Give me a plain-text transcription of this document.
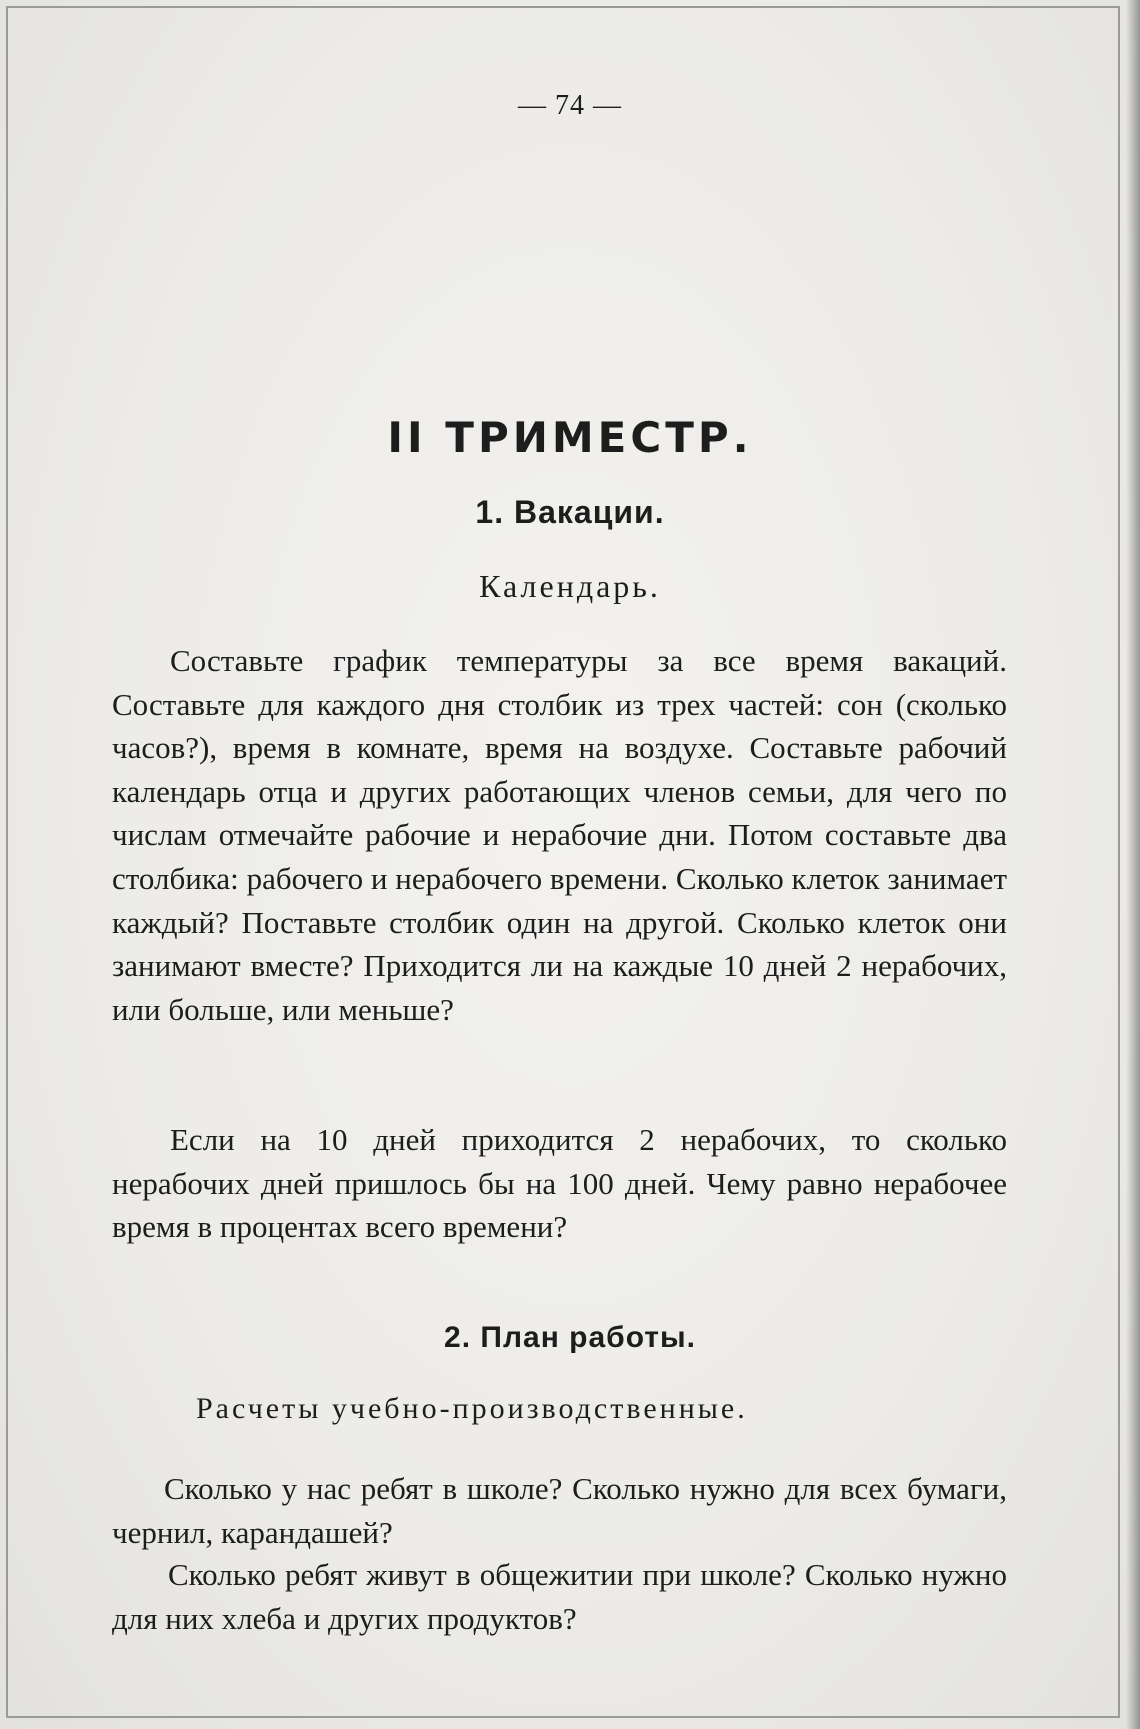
— 74 —
II ТРИМЕСТР.
1. Вакации.
Календарь.
Составьте график температуры за все время вакаций. Составьте для каждого дня столбик из трех частей: сон (сколько часов?), время в комнате, время на воздухе. Составьте рабочий календарь отца и других работающих членов семьи, для чего по числам отмечайте рабочие и нерабочие дни. Потом составьте два столбика: рабочего и нерабочего времени. Сколько клеток занимает каждый? Поставьте столбик один на другой. Сколько клеток они занимают вместе? Приходится ли на каждые 10 дней 2 нерабочих, или больше, или меньше?
Если на 10 дней приходится 2 нерабочих, то сколько нерабочих дней пришлось бы на 100 дней. Чему равно нерабочее время в процентах всего времени?
2. План работы.
Расчеты учебно-производственные.
Сколько у нас ребят в школе? Сколько нужно для всех бумаги, чернил, карандашей?
Сколько ребят живут в общежитии при школе? Сколько нужно для них хлеба и других продуктов?
